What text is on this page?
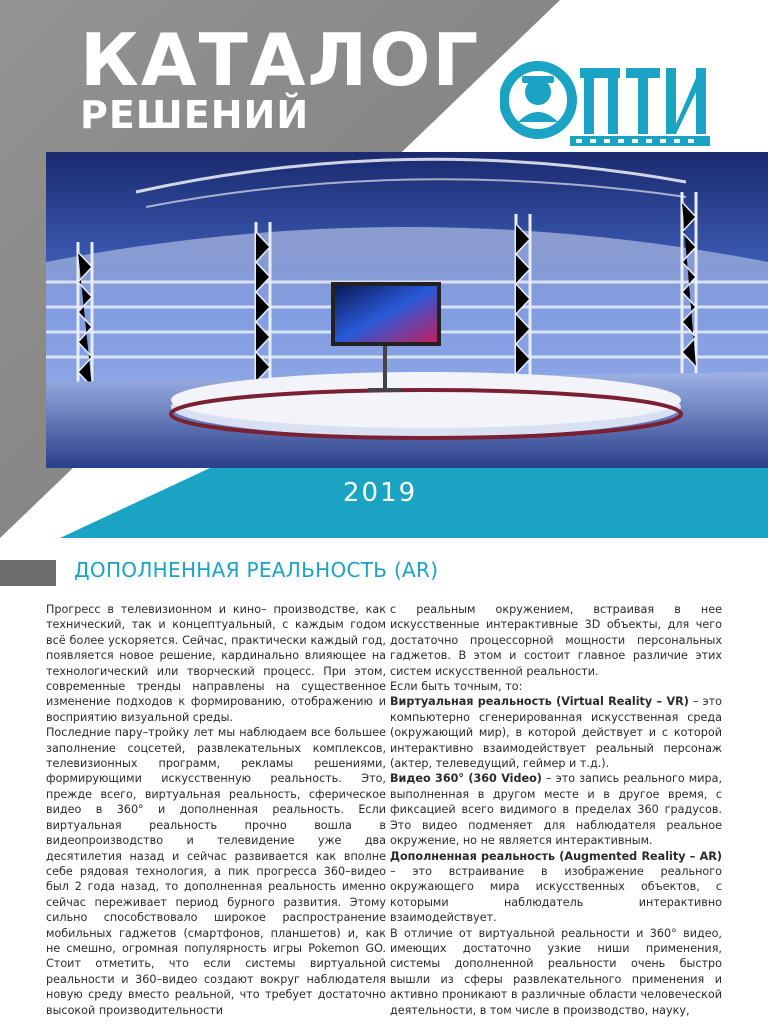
КАТАЛОГ
РЕШЕНИЙ
2019
ДОПОЛНЕННАЯ РЕАЛЬНОСТЬ (AR)

Прогресс в телевизионном и кино– производстве, как технический, так и концептуальный, с каждым годом всё более ускоряется. Сейчас, практически каждый год, появляется новое решение, кардинально влияющее на технологический или творческий процесс. При этом, современные тренды направлены на существенное изменение подходов к формированию, отображению и восприятию визуальной среды.

Последние пару–тройку лет мы наблюдаем все большее заполнение соцсетей, развлекательных комплексов, телевизионных программ, рекламы решениями, формирующими искусственную реальность. Это, прежде всего, виртуальная реальность, сферическое видео в 360° и дополненная реальность. Если виртуальная реальность прочно вошла в видеопроизводство и телевидение уже два десятилетия назад и сейчас развивается как вполне себе рядовая технология, а пик прогресса 360–видео был 2 года назад, то дополненная реальность именно сейчас переживает период бурного развития. Этому сильно способствовало широкое распространение мобильных гаджетов (смартфонов, планшетов) и, как не смешно, огромная популярность игры Pokemon GO. Стоит отметить, что если системы виртуальной реальности и 360–видео создают вокруг наблюдателя новую среду вместо реальной, что требует достаточно высокой производительности

с реальным окружением, встраивая в нее искусственные интерактивные 3D объекты, для чего достаточно процессорной мощности персональных гаджетов. В этом и состоит главное различие этих систем искусственной реальности.

Если быть точным, то:

Виртуальная реальность (Virtual Reality – VR) – это компьютерно сгенерированная искусственная среда (окружающий мир), в которой действует и с которой интерактивно взаимодействует реальный персонаж (актер, телеведущий, геймер и т.д.).

Видео 360° (360 Video) – это запись реального мира, выполненная в другом месте и в другое время, с фиксацией всего видимого в пределах 360 градусов. Это видео подменяет для наблюдателя реальное окружение, но не является интерактивным.

Дополненная реальность (Augmented Reality – AR) – это встраивание в изображение реального окружающего мира искусственных объектов, с которыми наблюдатель интерактивно взаимодействует.

В отличие от виртуальной реальности и 360° видео, имеющих достаточно узкие ниши применения, системы дополненной реальности очень быстро вышли из сферы развлекательного применения и активно проникают в различные области человеческой деятельности, в том числе в производство, науку,
